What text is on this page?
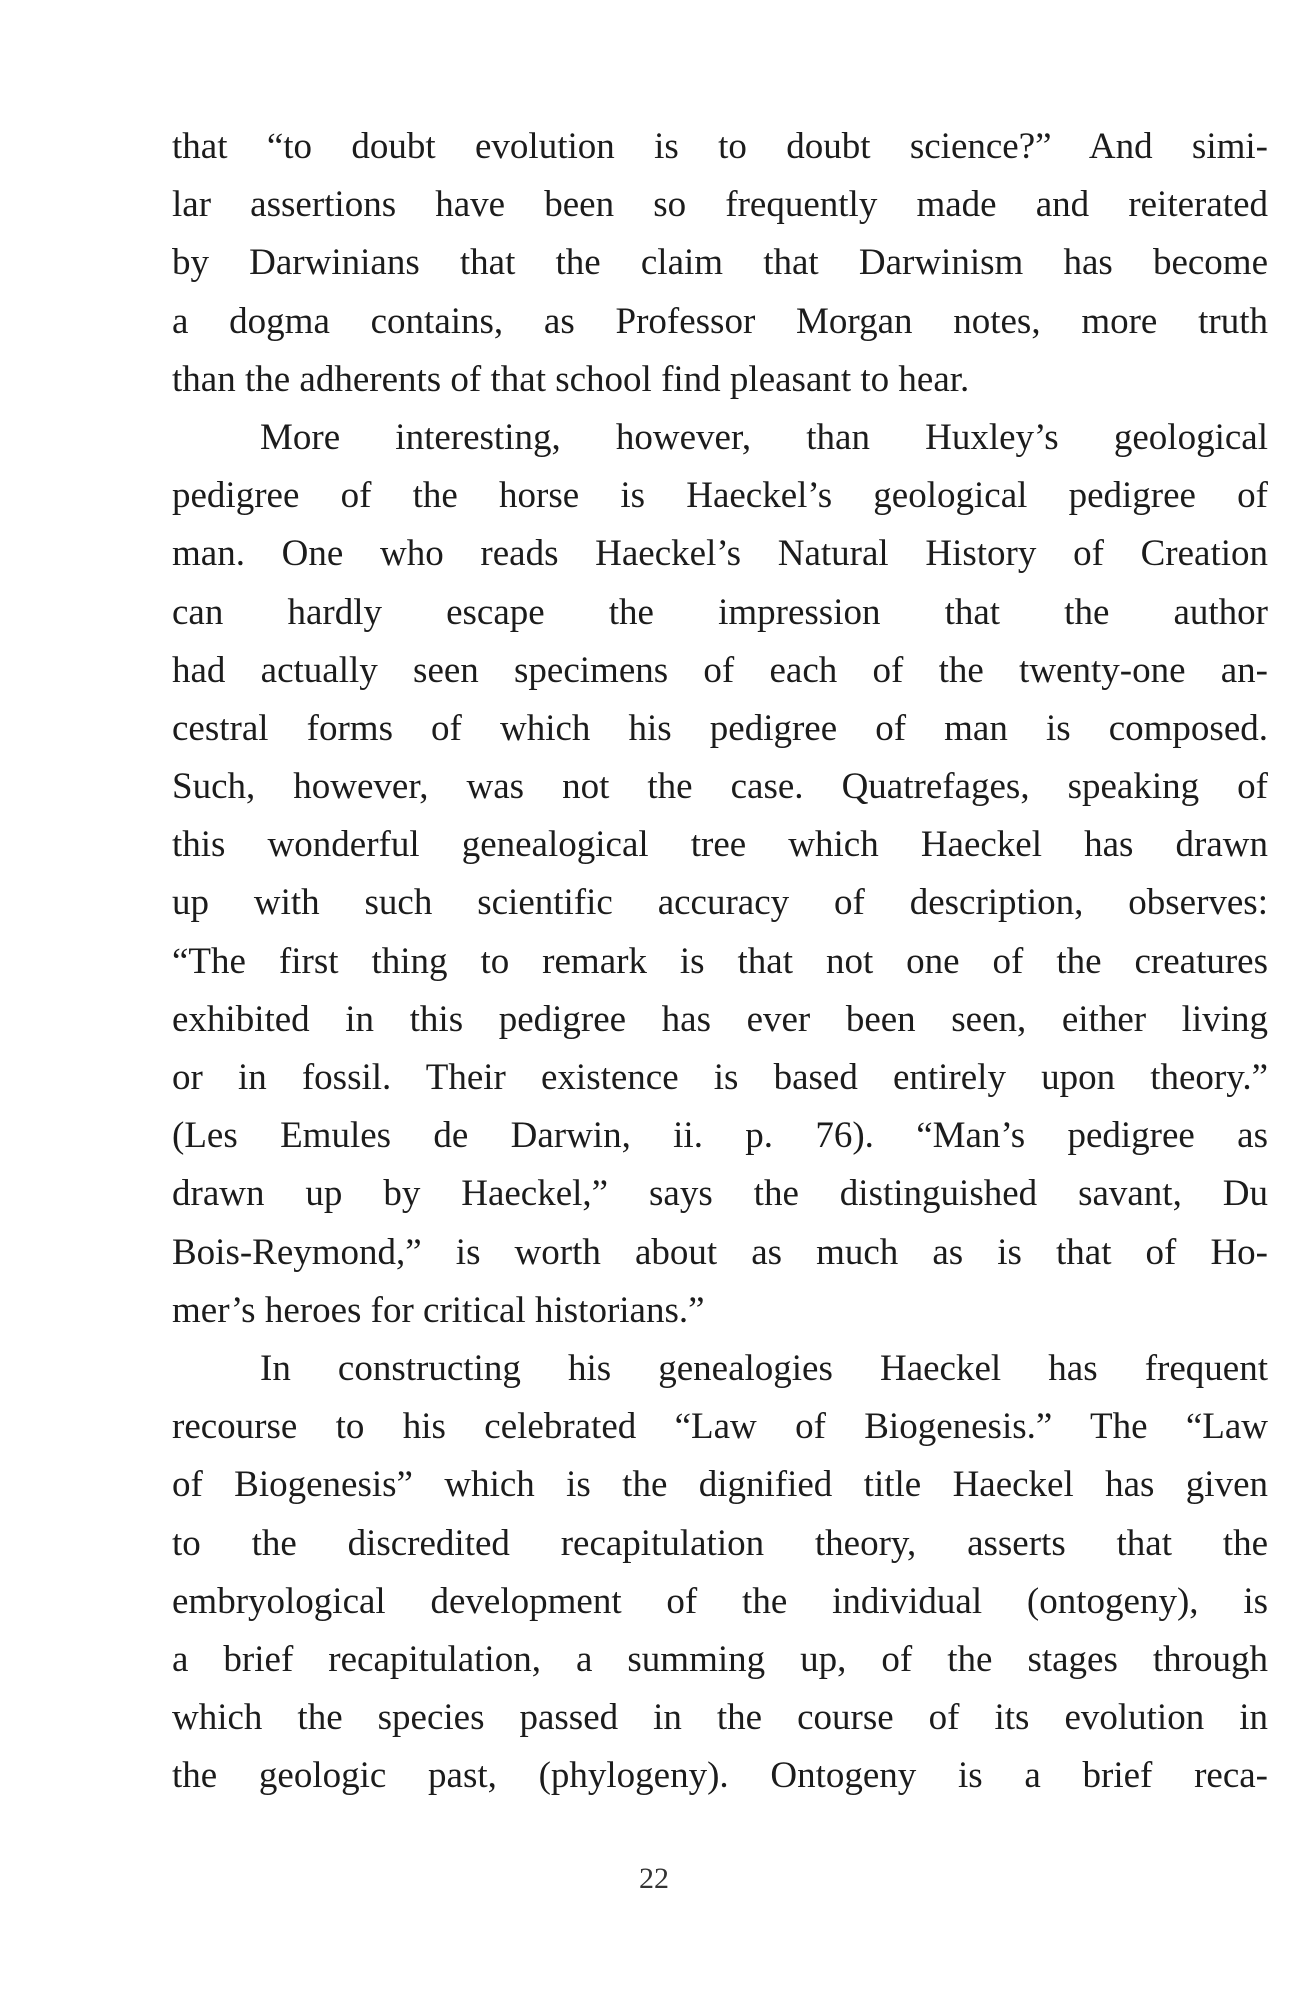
that “to doubt evolution is to doubt science?” And simi-
lar assertions have been so frequently made and reiterated
by Darwinians that the claim that Darwinism has become
a dogma contains, as Professor Morgan notes, more truth
than the adherents of that school find pleasant to hear.
More interesting, however, than Huxley’s geological
pedigree of the horse is Haeckel’s geological pedigree of
man. One who reads Haeckel’s Natural History of Creation
can hardly escape the impression that the author
had actually seen specimens of each of the twenty-one an-
cestral forms of which his pedigree of man is composed.
Such, however, was not the case. Quatrefages, speaking of
this wonderful genealogical tree which Haeckel has drawn
up with such scientific accuracy of description, observes:
“The first thing to remark is that not one of the creatures
exhibited in this pedigree has ever been seen, either living
or in fossil. Their existence is based entirely upon theory.”
(Les Emules de Darwin, ii. p. 76). “Man’s pedigree as
drawn up by Haeckel,” says the distinguished savant, Du
Bois-Reymond,” is worth about as much as is that of Ho-
mer’s heroes for critical historians.”
In constructing his genealogies Haeckel has frequent
recourse to his celebrated “Law of Biogenesis.” The “Law
of Biogenesis” which is the dignified title Haeckel has given
to the discredited recapitulation theory, asserts that the
embryological development of the individual (ontogeny), is
a brief recapitulation, a summing up, of the stages through
which the species passed in the course of its evolution in
the geologic past, (phylogeny). Ontogeny is a brief reca-
22
